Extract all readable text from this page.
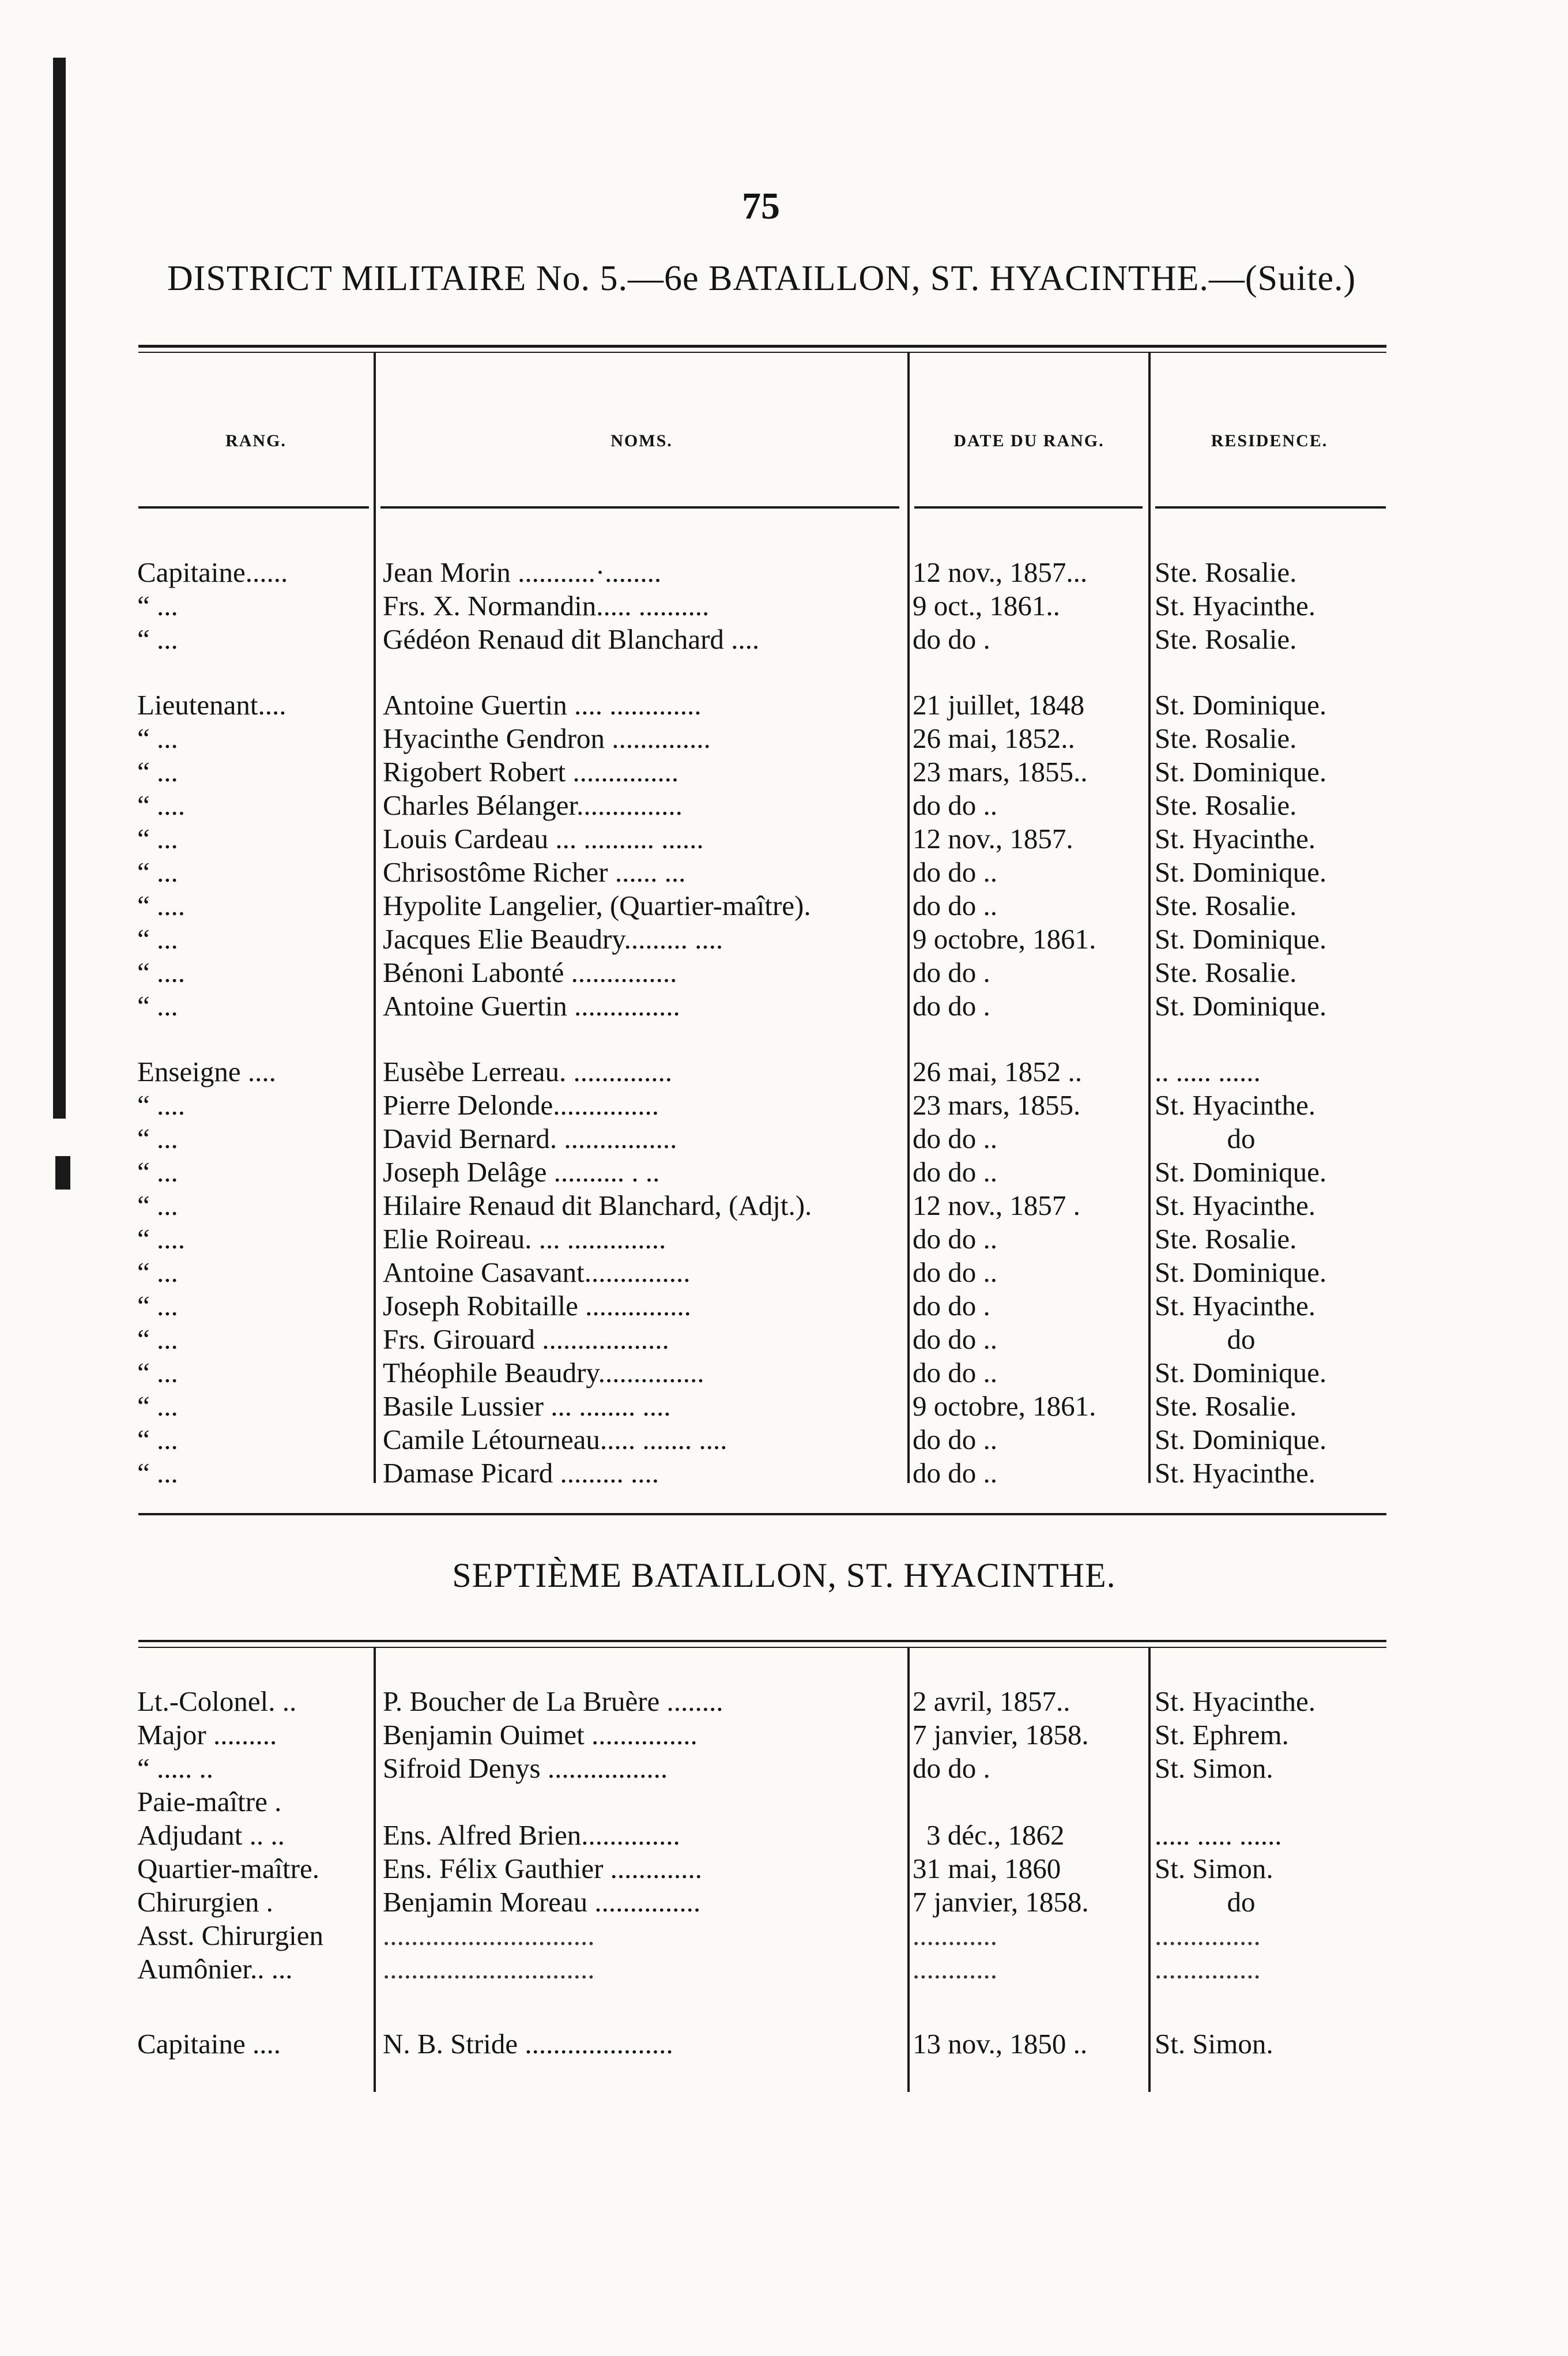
75
DISTRICT MILITAIRE No. 5.—6e BATAILLON, ST. HYACINTHE.—(Suite.)
RANG.	NOMS.	DATE DU RANG.	RESIDENCE.
Capitaine......	Jean Morin ...........·........	12 nov., 1857...	Ste. Rosalie.
“ ...	Frs. X. Normandin..... ..........	9 oct., 1861..	St. Hyacinthe.
“ ...	Gédéon Renaud dit Blanchard ....	do do .	Ste. Rosalie.
Lieutenant....	Antoine Guertin .... .............	21 juillet, 1848	St. Dominique.
“ ...	Hyacinthe Gendron ..............	26 mai, 1852..	Ste. Rosalie.
“ ...	Rigobert Robert ...............	23 mars, 1855..	St. Dominique.
“ ....	Charles Bélanger...............	do do ..	Ste. Rosalie.
“ ...	Louis Cardeau ... .......... ......	12 nov., 1857.	St. Hyacinthe.
“ ...	Chrisostôme Richer ...... ...	do do ..	St. Dominique.
“ ....	Hypolite Langelier, (Quartier-maître).	do do ..	Ste. Rosalie.
“ ...	Jacques Elie Beaudry......... ....	9 octobre, 1861.	St. Dominique.
“ ....	Bénoni Labonté ...............	do do .	Ste. Rosalie.
“ ...	Antoine Guertin ...............	do do .	St. Dominique.
Enseigne ....	Eusèbe Lerreau. ..............	26 mai, 1852 ..	.. ..... ......
“ ....	Pierre Delonde...............	23 mars, 1855.	St. Hyacinthe.
“ ...	David Bernard. ................	do do ..	do
“ ...	Joseph Delâge .......... . ..	do do ..	St. Dominique.
“ ...	Hilaire Renaud dit Blanchard, (Adjt.).	12 nov., 1857 .	St. Hyacinthe.
“ ....	Elie Roireau. ... ..............	do do ..	Ste. Rosalie.
“ ...	Antoine Casavant...............	do do ..	St. Dominique.
“ ...	Joseph Robitaille ...............	do do .	St. Hyacinthe.
“ ...	Frs. Girouard ..................	do do ..	do
“ ...	Théophile Beaudry...............	do do ..	St. Dominique.
“ ...	Basile Lussier ... ........ ....	9 octobre, 1861.	Ste. Rosalie.
“ ...	Camile Létourneau..... ....... ....	do do ..	St. Dominique.
“ ...	Damase Picard ......... ....	do do ..	St. Hyacinthe.
SEPTIÈME BATAILLON, ST. HYACINTHE.
Lt.-Colonel. ..	P. Boucher de La Bruère ........	2 avril, 1857..	St. Hyacinthe.
Major .........	Benjamin Ouimet ...............	7 janvier, 1858.	St. Ephrem.
“ ..... ..	Sifroid Denys .................	do do .	St. Simon.
Paie-maître .
Adjudant .. ..	Ens. Alfred Brien..............	3 déc., 1862	..... ..... ......
Quartier-maître.	Ens. Félix Gauthier .............	31 mai, 1860	St. Simon.
Chirurgien .	Benjamin Moreau ...............	7 janvier, 1858.	do
Asst. Chirurgien	..............................	............	...............
Aumônier.. ...	..............................	............	...............
Capitaine ....	N. B. Stride .....................	13 nov., 1850 ..	St. Simon.
